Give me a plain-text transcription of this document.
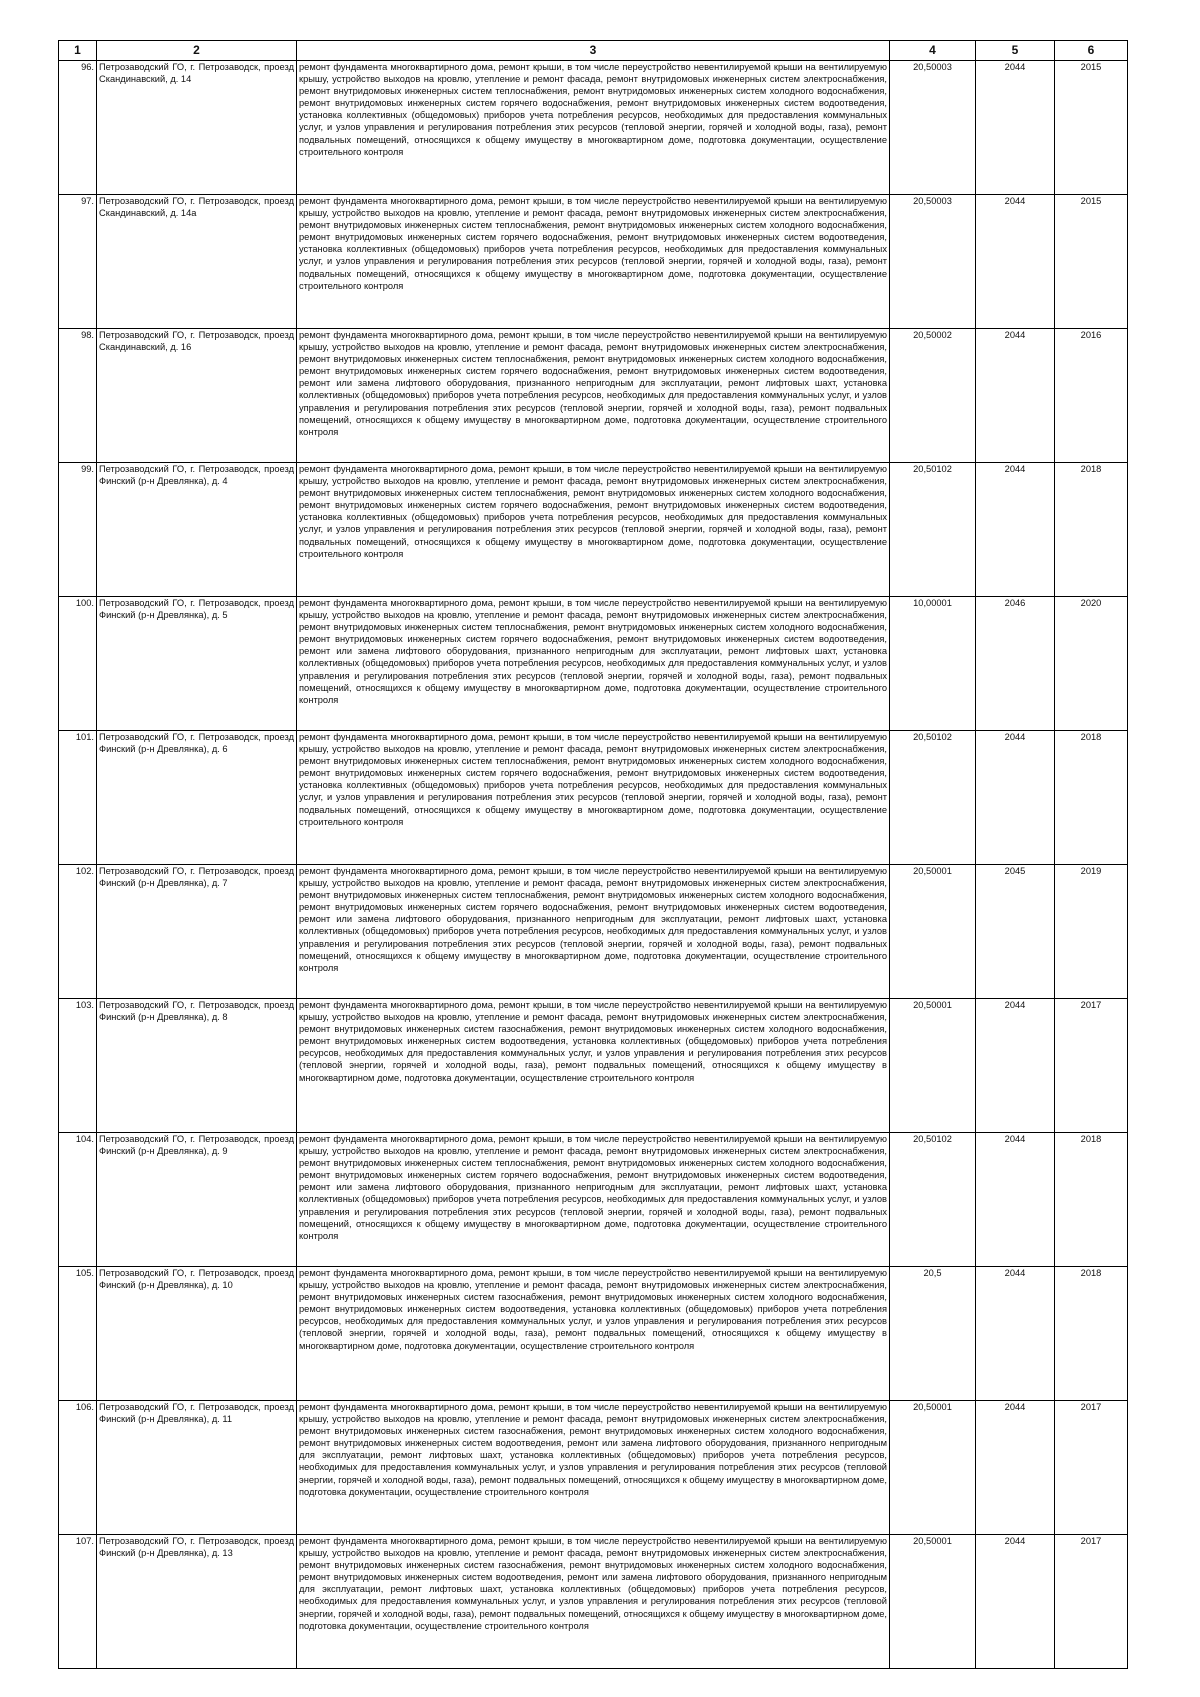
1	2	3	4	5	6
96.	Петрозаводский ГО, г. Петрозаводск, проезд Скандинавский, д. 14	ремонт фундамента многоквартирного дома, ремонт крыши, в том числе переустройство невентилируемой крыши на вентилируемую крышу, устройство выходов на кровлю, утепление и ремонт фасада, ремонт внутридомовых инженерных систем электроснабжения, ремонт внутридомовых инженерных систем теплоснабжения, ремонт внутридомовых инженерных систем холодного водоснабжения, ремонт внутридомовых инженерных систем горячего водоснабжения, ремонт внутридомовых инженерных систем водоотведения, установка коллективных (общедомовых) приборов учета потребления ресурсов, необходимых для предоставления коммунальных услуг, и узлов управления и регулирования потребления этих ресурсов (тепловой энергии, горячей и холодной воды, газа), ремонт подвальных помещений, относящихся к общему имуществу в многоквартирном доме, подготовка документации, осуществление строительного контроля	20,50003	2044	2015
97.	Петрозаводский ГО, г. Петрозаводск, проезд Скандинавский, д. 14а	ремонт фундамента многоквартирного дома, ремонт крыши, в том числе переустройство невентилируемой крыши на вентилируемую крышу, устройство выходов на кровлю, утепление и ремонт фасада, ремонт внутридомовых инженерных систем электроснабжения, ремонт внутридомовых инженерных систем теплоснабжения, ремонт внутридомовых инженерных систем холодного водоснабжения, ремонт внутридомовых инженерных систем горячего водоснабжения, ремонт внутридомовых инженерных систем водоотведения, установка коллективных (общедомовых) приборов учета потребления ресурсов, необходимых для предоставления коммунальных услуг, и узлов управления и регулирования потребления этих ресурсов (тепловой энергии, горячей и холодной воды, газа), ремонт подвальных помещений, относящихся к общему имуществу в многоквартирном доме, подготовка документации, осуществление строительного контроля	20,50003	2044	2015
98.	Петрозаводский ГО, г. Петрозаводск, проезд Скандинавский, д. 16	ремонт фундамента многоквартирного дома, ремонт крыши, в том числе переустройство невентилируемой крыши на вентилируемую крышу, устройство выходов на кровлю, утепление и ремонт фасада, ремонт внутридомовых инженерных систем электроснабжения, ремонт внутридомовых инженерных систем теплоснабжения, ремонт внутридомовых инженерных систем холодного водоснабжения, ремонт внутридомовых инженерных систем горячего водоснабжения, ремонт внутридомовых инженерных систем водоотведения, ремонт или замена лифтового оборудования, признанного непригодным для эксплуатации, ремонт лифтовых шахт, установка коллективных (общедомовых) приборов учета потребления ресурсов, необходимых для предоставления коммунальных услуг, и узлов управления и регулирования потребления этих ресурсов (тепловой энергии, горячей и холодной воды, газа), ремонт подвальных помещений, относящихся к общему имуществу в многоквартирном доме, подготовка документации, осуществление строительного контроля	20,50002	2044	2016
99.	Петрозаводский ГО, г. Петрозаводск, проезд Финский (р-н Древлянка), д. 4	ремонт фундамента многоквартирного дома, ремонт крыши, в том числе переустройство невентилируемой крыши на вентилируемую крышу, устройство выходов на кровлю, утепление и ремонт фасада, ремонт внутридомовых инженерных систем электроснабжения, ремонт внутридомовых инженерных систем теплоснабжения, ремонт внутридомовых инженерных систем холодного водоснабжения, ремонт внутридомовых инженерных систем горячего водоснабжения, ремонт внутридомовых инженерных систем водоотведения, установка коллективных (общедомовых) приборов учета потребления ресурсов, необходимых для предоставления коммунальных услуг, и узлов управления и регулирования потребления этих ресурсов (тепловой энергии, горячей и холодной воды, газа), ремонт подвальных помещений, относящихся к общему имуществу в многоквартирном доме, подготовка документации, осуществление строительного контроля	20,50102	2044	2018
100.	Петрозаводский ГО, г. Петрозаводск, проезд Финский (р-н Древлянка), д. 5	ремонт фундамента многоквартирного дома, ремонт крыши, в том числе переустройство невентилируемой крыши на вентилируемую крышу, устройство выходов на кровлю, утепление и ремонт фасада, ремонт внутридомовых инженерных систем электроснабжения, ремонт внутридомовых инженерных систем теплоснабжения, ремонт внутридомовых инженерных систем холодного водоснабжения, ремонт внутридомовых инженерных систем горячего водоснабжения, ремонт внутридомовых инженерных систем водоотведения, ремонт или замена лифтового оборудования, признанного непригодным для эксплуатации, ремонт лифтовых шахт, установка коллективных (общедомовых) приборов учета потребления ресурсов, необходимых для предоставления коммунальных услуг, и узлов управления и регулирования потребления этих ресурсов (тепловой энергии, горячей и холодной воды, газа), ремонт подвальных помещений, относящихся к общему имуществу в многоквартирном доме, подготовка документации, осуществление строительного контроля	10,00001	2046	2020
101.	Петрозаводский ГО, г. Петрозаводск, проезд Финский (р-н Древлянка), д. 6	ремонт фундамента многоквартирного дома, ремонт крыши, в том числе переустройство невентилируемой крыши на вентилируемую крышу, устройство выходов на кровлю, утепление и ремонт фасада, ремонт внутридомовых инженерных систем электроснабжения, ремонт внутридомовых инженерных систем теплоснабжения, ремонт внутридомовых инженерных систем холодного водоснабжения, ремонт внутридомовых инженерных систем горячего водоснабжения, ремонт внутридомовых инженерных систем водоотведения, установка коллективных (общедомовых) приборов учета потребления ресурсов, необходимых для предоставления коммунальных услуг, и узлов управления и регулирования потребления этих ресурсов (тепловой энергии, горячей и холодной воды, газа), ремонт подвальных помещений, относящихся к общему имуществу в многоквартирном доме, подготовка документации, осуществление строительного контроля	20,50102	2044	2018
102.	Петрозаводский ГО, г. Петрозаводск, проезд Финский (р-н Древлянка), д. 7	ремонт фундамента многоквартирного дома, ремонт крыши, в том числе переустройство невентилируемой крыши на вентилируемую крышу, устройство выходов на кровлю, утепление и ремонт фасада, ремонт внутридомовых инженерных систем электроснабжения, ремонт внутридомовых инженерных систем теплоснабжения, ремонт внутридомовых инженерных систем холодного водоснабжения, ремонт внутридомовых инженерных систем горячего водоснабжения, ремонт внутридомовых инженерных систем водоотведения, ремонт или замена лифтового оборудования, признанного непригодным для эксплуатации, ремонт лифтовых шахт, установка коллективных (общедомовых) приборов учета потребления ресурсов, необходимых для предоставления коммунальных услуг, и узлов управления и регулирования потребления этих ресурсов (тепловой энергии, горячей и холодной воды, газа), ремонт подвальных помещений, относящихся к общему имуществу в многоквартирном доме, подготовка документации, осуществление строительного контроля	20,50001	2045	2019
103.	Петрозаводский ГО, г. Петрозаводск, проезд Финский (р-н Древлянка), д. 8	ремонт фундамента многоквартирного дома, ремонт крыши, в том числе переустройство невентилируемой крыши на вентилируемую крышу, устройство выходов на кровлю, утепление и ремонт фасада, ремонт внутридомовых инженерных систем электроснабжения, ремонт внутридомовых инженерных систем газоснабжения, ремонт внутридомовых инженерных систем холодного водоснабжения, ремонт внутридомовых инженерных систем водоотведения, установка коллективных (общедомовых) приборов учета потребления ресурсов, необходимых для предоставления коммунальных услуг, и узлов управления и регулирования потребления этих ресурсов (тепловой энергии, горячей и холодной воды, газа), ремонт подвальных помещений, относящихся к общему имуществу в многоквартирном доме, подготовка документации, осуществление строительного контроля	20,50001	2044	2017
104.	Петрозаводский ГО, г. Петрозаводск, проезд Финский (р-н Древлянка), д. 9	ремонт фундамента многоквартирного дома, ремонт крыши, в том числе переустройство невентилируемой крыши на вентилируемую крышу, устройство выходов на кровлю, утепление и ремонт фасада, ремонт внутридомовых инженерных систем электроснабжения, ремонт внутридомовых инженерных систем теплоснабжения, ремонт внутридомовых инженерных систем холодного водоснабжения, ремонт внутридомовых инженерных систем горячего водоснабжения, ремонт внутридомовых инженерных систем водоотведения, ремонт или замена лифтового оборудования, признанного непригодным для эксплуатации, ремонт лифтовых шахт, установка коллективных (общедомовых) приборов учета потребления ресурсов, необходимых для предоставления коммунальных услуг, и узлов управления и регулирования потребления этих ресурсов (тепловой энергии, горячей и холодной воды, газа), ремонт подвальных помещений, относящихся к общему имуществу в многоквартирном доме, подготовка документации, осуществление строительного контроля	20,50102	2044	2018
105.	Петрозаводский ГО, г. Петрозаводск, проезд Финский (р-н Древлянка), д. 10	ремонт фундамента многоквартирного дома, ремонт крыши, в том числе переустройство невентилируемой крыши на вентилируемую крышу, устройство выходов на кровлю, утепление и ремонт фасада, ремонт внутридомовых инженерных систем электроснабжения, ремонт внутридомовых инженерных систем газоснабжения, ремонт внутридомовых инженерных систем холодного водоснабжения, ремонт внутридомовых инженерных систем водоотведения, установка коллективных (общедомовых) приборов учета потребления ресурсов, необходимых для предоставления коммунальных услуг, и узлов управления и регулирования потребления этих ресурсов (тепловой энергии, горячей и холодной воды, газа), ремонт подвальных помещений, относящихся к общему имуществу в многоквартирном доме, подготовка документации, осуществление строительного контроля	20,5	2044	2018
106.	Петрозаводский ГО, г. Петрозаводск, проезд Финский (р-н Древлянка), д. 11	ремонт фундамента многоквартирного дома, ремонт крыши, в том числе переустройство невентилируемой крыши на вентилируемую крышу, устройство выходов на кровлю, утепление и ремонт фасада, ремонт внутридомовых инженерных систем электроснабжения, ремонт внутридомовых инженерных систем газоснабжения, ремонт внутридомовых инженерных систем холодного водоснабжения, ремонт внутридомовых инженерных систем водоотведения, ремонт или замена лифтового оборудования, признанного непригодным для эксплуатации, ремонт лифтовых шахт, установка коллективных (общедомовых) приборов учета потребления ресурсов, необходимых для предоставления коммунальных услуг, и узлов управления и регулирования потребления этих ресурсов (тепловой энергии, горячей и холодной воды, газа), ремонт подвальных помещений, относящихся к общему имуществу в многоквартирном доме, подготовка документации, осуществление строительного контроля	20,50001	2044	2017
107.	Петрозаводский ГО, г. Петрозаводск, проезд Финский (р-н Древлянка), д. 13	ремонт фундамента многоквартирного дома, ремонт крыши, в том числе переустройство невентилируемой крыши на вентилируемую крышу, устройство выходов на кровлю, утепление и ремонт фасада, ремонт внутридомовых инженерных систем электроснабжения, ремонт внутридомовых инженерных систем газоснабжения, ремонт внутридомовых инженерных систем холодного водоснабжения, ремонт внутридомовых инженерных систем водоотведения, ремонт или замена лифтового оборудования, признанного непригодным для эксплуатации, ремонт лифтовых шахт, установка коллективных (общедомовых) приборов учета потребления ресурсов, необходимых для предоставления коммунальных услуг, и узлов управления и регулирования потребления этих ресурсов (тепловой энергии, горячей и холодной воды, газа), ремонт подвальных помещений, относящихся к общему имуществу в многоквартирном доме, подготовка документации, осуществление строительного контроля	20,50001	2044	2017
